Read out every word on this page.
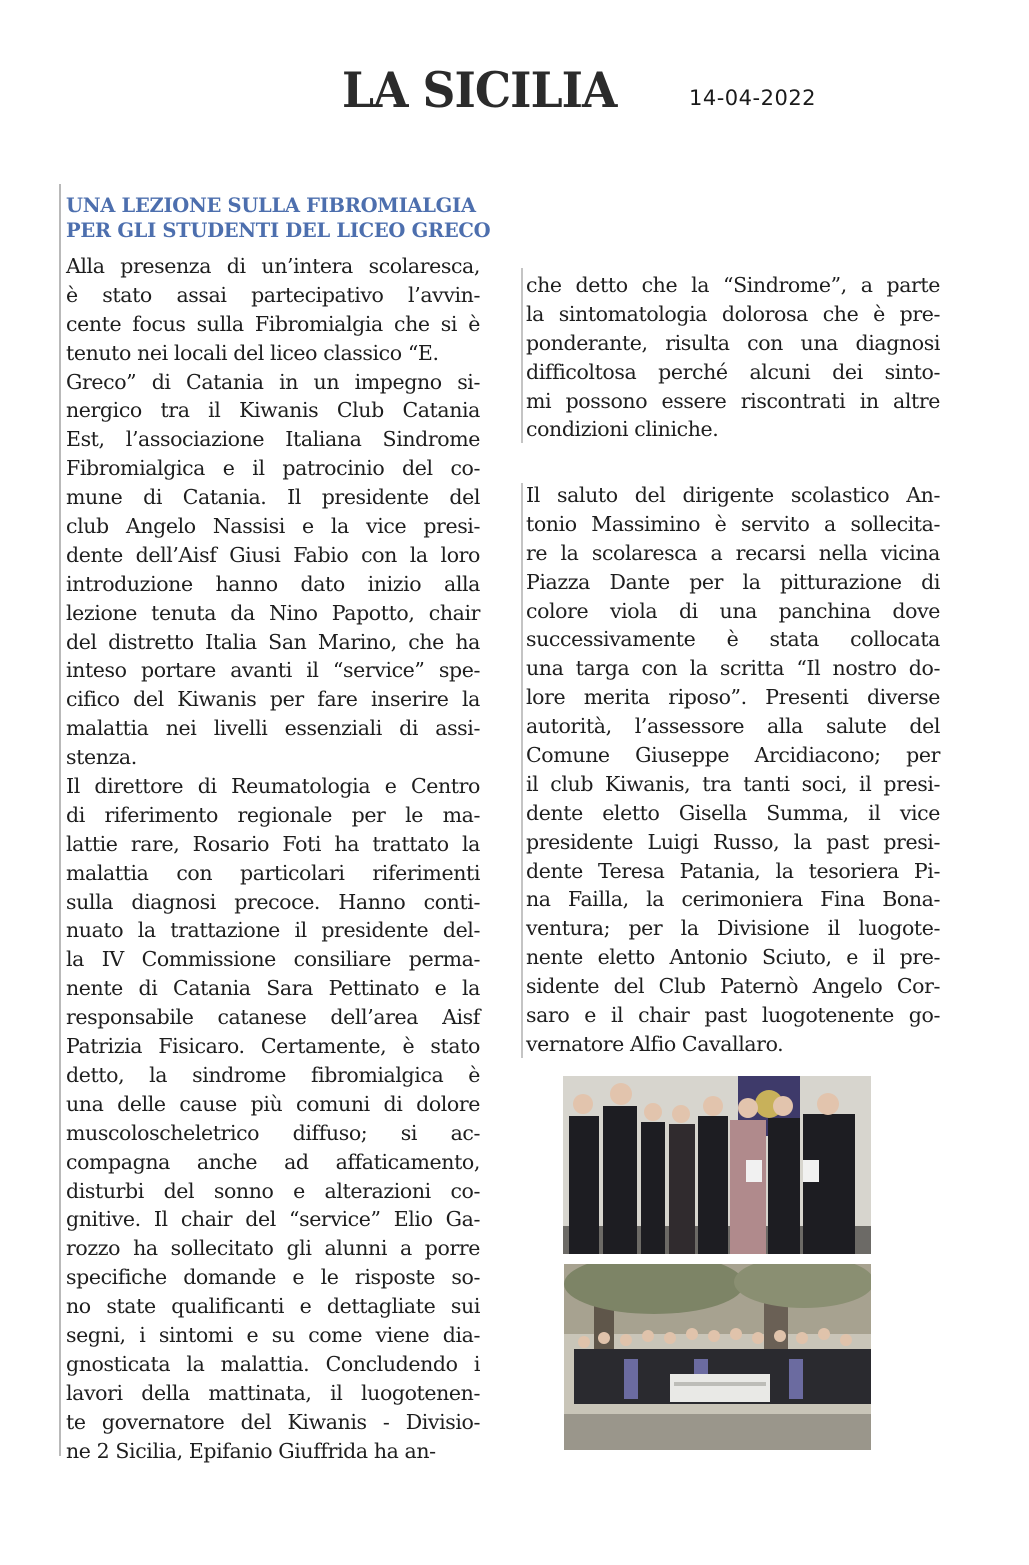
LA SICILIA	14-04-2022
UNA LEZIONE SULLA FIBROMIALGIA
PER GLI STUDENTI DEL LICEO GRECO
Alla presenza di un’intera scolaresca,
è stato assai partecipativo l’avvin-
cente focus sulla Fibromialgia che si è
tenuto nei locali del liceo classico “E.
Greco” di Catania in un impegno si-
nergico tra il Kiwanis Club Catania
Est, l’associazione Italiana Sindrome
Fibromialgica e il patrocinio del co-
mune di Catania. Il presidente del
club Angelo Nassisi e la vice presi-
dente dell’Aisf Giusi Fabio con la loro
introduzione hanno dato inizio alla
lezione tenuta da Nino Papotto, chair
del distretto Italia San Marino, che ha
inteso portare avanti il “service” spe-
cifico del Kiwanis per fare inserire la
malattia nei livelli essenziali di assi-
stenza.
Il direttore di Reumatologia e Centro
di riferimento regionale per le ma-
lattie rare, Rosario Foti ha trattato la
malattia con particolari riferimenti
sulla diagnosi precoce. Hanno conti-
nuato la trattazione il presidente del-
la IV Commissione consiliare perma-
nente di Catania Sara Pettinato e la
responsabile catanese dell’area Aisf
Patrizia Fisicaro. Certamente, è stato
detto, la sindrome fibromialgica è
una delle cause più comuni di dolore
muscoloscheletrico diffuso; si ac-
compagna anche ad affaticamento,
disturbi del sonno e alterazioni co-
gnitive. Il chair del “service” Elio Ga-
rozzo ha sollecitato gli alunni a porre
specifiche domande e le risposte so-
no state qualificanti e dettagliate sui
segni, i sintomi e su come viene dia-
gnosticata la malattia. Concludendo i
lavori della mattinata, il luogotenen-
te governatore del Kiwanis - Divisio-
ne 2 Sicilia, Epifanio Giuffrida ha an-
che detto che la “Sindrome”, a parte
la sintomatologia dolorosa che è pre-
ponderante, risulta con una diagnosi
difficoltosa perché alcuni dei sinto-
mi possono essere riscontrati in altre
condizioni cliniche.
Il saluto del dirigente scolastico An-
tonio Massimino è servito a sollecita-
re la scolaresca a recarsi nella vicina
Piazza Dante per la pitturazione di
colore viola di una panchina dove
successivamente è stata collocata
una targa con la scritta “Il nostro do-
lore merita riposo”. Presenti diverse
autorità, l’assessore alla salute del
Comune Giuseppe Arcidiacono; per
il club Kiwanis, tra tanti soci, il presi-
dente eletto Gisella Summa, il vice
presidente Luigi Russo, la past presi-
dente Teresa Patania, la tesoriera Pi-
na Failla, la cerimoniera Fina Bona-
ventura; per la Divisione il luogote-
nente eletto Antonio Sciuto, e il pre-
sidente del Club Paternò Angelo Cor-
saro e il chair past luogotenente go-
vernatore Alfio Cavallaro.
